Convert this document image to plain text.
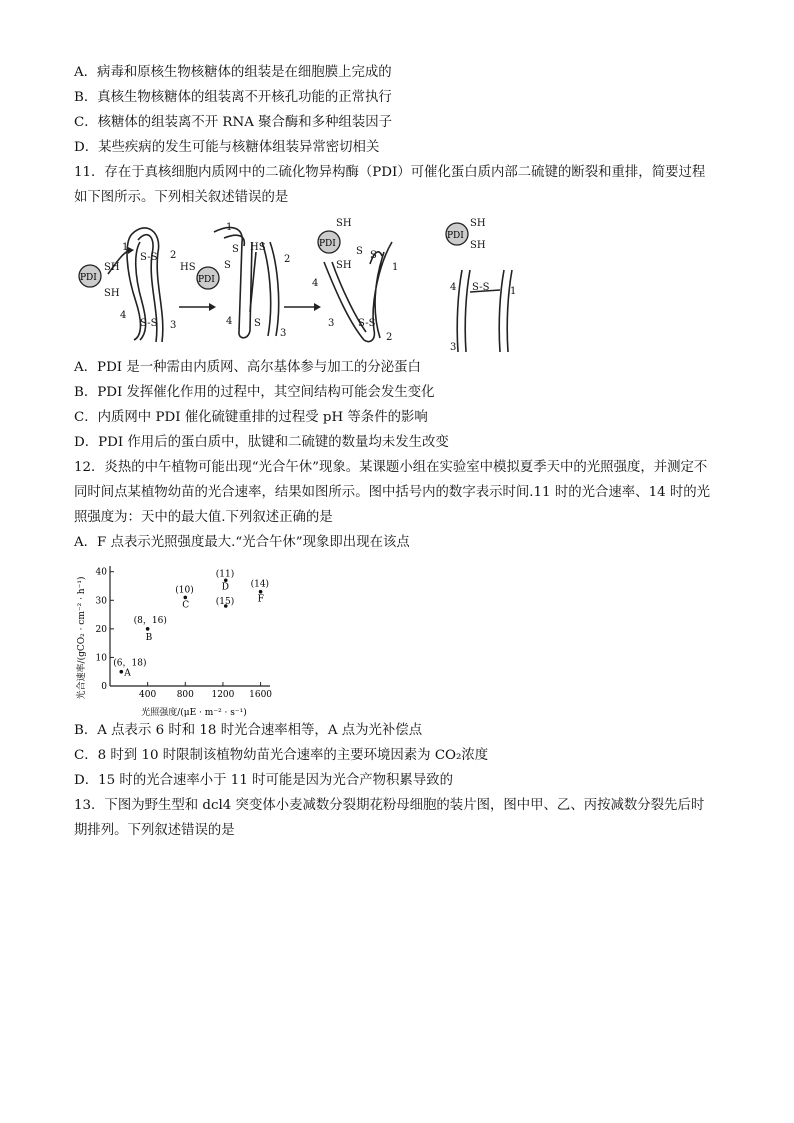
A．病毒和原核生物核糖体的组装是在细胞膜上完成的
B．真核生物核糖体的组装离不开核孔功能的正常执行
C．核糖体的组装离不开 RNA 聚合酶和多种组装因子
D．某些疾病的发生可能与核糖体组装异常密切相关
11．存在于真核细胞内质网中的二硫化物异构酶（PDI）可催化蛋白质内部二硫键的断裂和重排，简要过程
如下图所示。下列相关叙述错误的是
PDI	PDI
PDI
PDI
SH
SH
S-S
S-S
1
2
4
3
HS
1
S
S
HS
2
S
4
3
SH
SH
S S
4
1
3
2
S-S
SH
SH
S-S
4	1
3
A．PDI 是一种需由内质网、高尔基体参与加工的分泌蛋白
B．PDI 发挥催化作用的过程中，其空间结构可能会发生变化
C．内质网中 PDI 催化硫键重排的过程受 pH 等条件的影响
D．PDI 作用后的蛋白质中，肽键和二硫键的数量均未发生改变
12．炎热的中午植物可能出现“光合午休”现象。某课题小组在实验室中模拟夏季天中的光照强度，并测定不
同时间点某植物幼苗的光合速率，结果如图所示。图中括号内的数字表示时间.11 时的光合速率、14 时的光
照强度为：天中的最大值.下列叙述正确的是
A．F 点表示光照强度最大.“光合午休”现象即出现在该点
光合速率/(gCO₂ · cm⁻² · h⁻¹)
光照强度/(μE · m⁻² · s⁻¹)
400 800 1200 1600
0
10
20
30
40
(6，18)
A
(8，16)
B
(10)
C
(11)
D
(15)
(14)
F
B．A 点表示 6 时和 18 时光合速率相等，A 点为光补偿点
C．8 时到 10 时限制该植物幼苗光合速率的主要环境因素为 CO₂浓度
D．15 时的光合速率小于 11 时可能是因为光合产物积累导致的
13．下图为野生型和 dcl4 突变体小麦减数分裂期花粉母细胞的装片图，图中甲、乙、丙按减数分裂先后时
期排列。下列叙述错误的是
